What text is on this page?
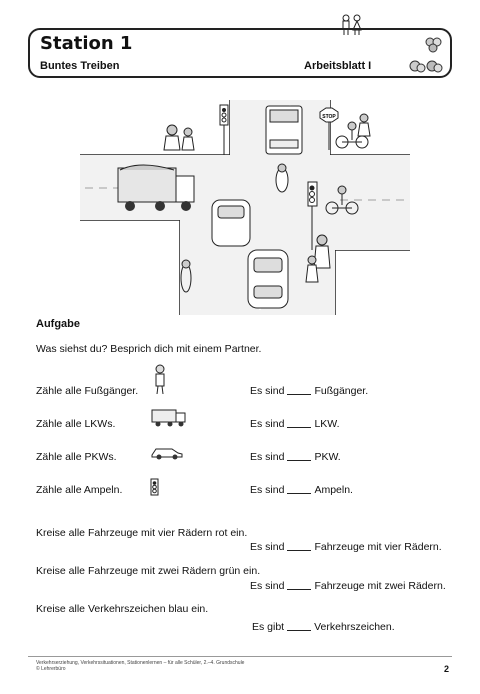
Station 1
Buntes Treiben	Arbeitsblatt I
STOP
Aufgabe
Was siehst du? Besprich dich mit einem Partner.
Zähle alle Fußgänger.	Es sind	Fußgänger.
Zähle alle LKWs.	Es sind	LKW.
Zähle alle PKWs.	Es sind	PKW.
Zähle alle Ampeln.	Es sind	Ampeln.
Kreise alle Fahrzeuge mit vier Rädern rot ein.
Es sind	Fahrzeuge mit vier Rädern.
Kreise alle Fahrzeuge mit zwei Rädern grün ein.
Es sind	Fahrzeuge mit zwei Rädern.
Kreise alle Verkehrszeichen blau ein.
Es gibt	Verkehrszeichen.
Verkehrserziehung, Verkehrssituationen, Stationenlernen – für alle Schüler, 2.–4. Grundschule
© Lehrerbüro	2
